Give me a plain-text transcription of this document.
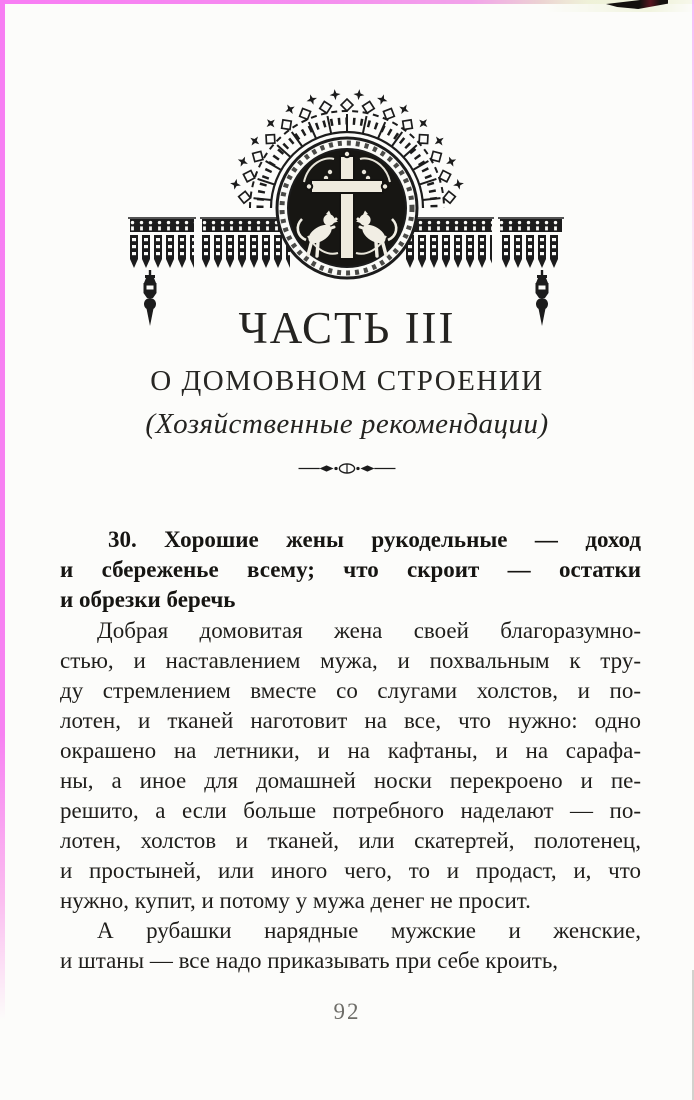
ЧАСТЬ III
О ДОМОВНОМ СТРОЕНИИ
(Хозяйственные рекомендации)
30. Хорошие жены рукодельные — доход
и сбереженье всему; что скроит — остатки
и обрезки беречь
Добрая домовитая жена своей благоразумно-
стью, и наставлением мужа, и похвальным к тру-
ду стремлением вместе со слугами холстов, и по-
лотен, и тканей наготовит на все, что нужно: одно
окрашено на летники, и на кафтаны, и на сарафа-
ны, а иное для домашней носки перекроено и пе-
решито, а если больше потребного наделают — по-
лотен, холстов и тканей, или скатертей, полотенец,
и простыней, или иного чего, то и продаст, и, что
нужно, купит, и потому у мужа денег не просит.
А рубашки нарядные мужские и женские,
и штаны — все надо приказывать при себе кроить,
92
